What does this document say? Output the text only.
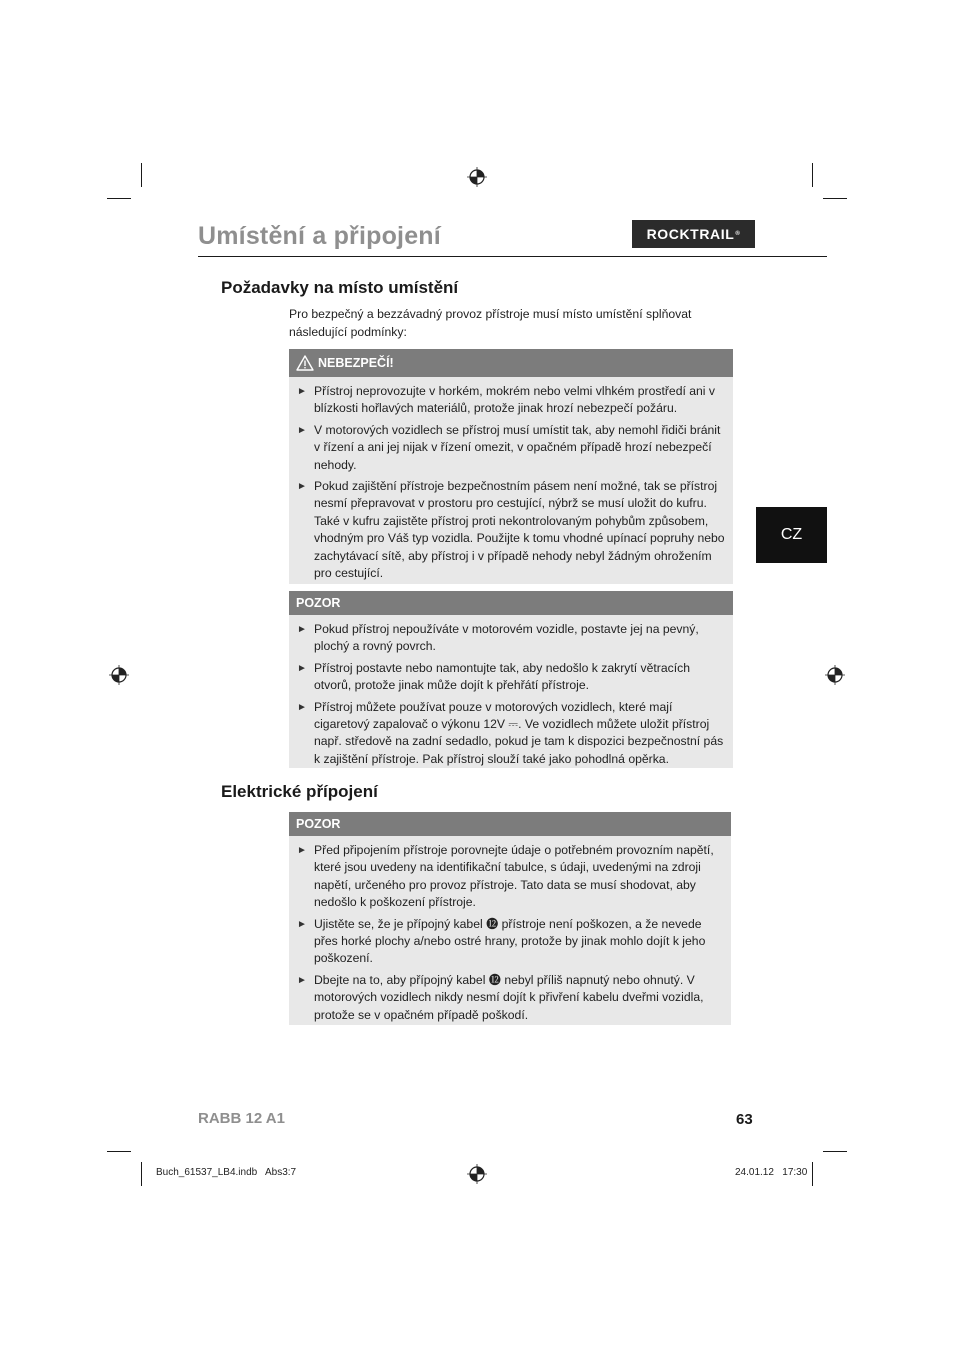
Umístění a připojení	ROCKTRAIL ®
CZ
Požadavky na místo umístění
Pro bezpečný a bezzávadný provoz přístroje musí místo umístění splňovat následující podmínky:
NEBEZPEČÍ!
► Přístroj neprovozujte v horkém, mokrém nebo velmi vlhkém prostředí ani v blízkosti hořlavých materiálů, protože jinak hrozí nebezpečí požáru.
► V motorových vozidlech se přístroj musí umístit tak, aby nemohl řidiči bránit v řízení a ani jej nijak v řízení omezit, v opačném případě hrozí nebezpečí nehody.
► Pokud zajištění přístroje bezpečnostním pásem není možné, tak se přístroj nesmí přepravovat v prostoru pro cestující, nýbrž se musí uložit do kufru. Také v kufru zajistěte přístroj proti nekontrolovaným pohybům způsobem, vhodným pro Váš typ vozidla. Použijte k tomu vhodné upínací popruhy nebo zachytávací sítě, aby přístroj i v případě nehody nebyl žádným ohrožením pro cestující.
POZOR
► Pokud přístroj nepoužíváte v motorovém vozidle, postavte jej na pevný, plochý a rovný povrch.
► Přístroj postavte nebo namontujte tak, aby nedošlo k zakrytí větracích otvorů, protože jinak může dojít k přehřátí přístroje.
► Přístroj můžete používat pouze v motorových vozidlech, které mají cigaretový zapalovač o výkonu 12V ⎓. Ve vozidlech můžete uložit přístroj např. středově na zadní sedadlo, pokud je tam k dispozici bezpečnostní pás k zajištění přístroje. Pak přístroj slouží také jako pohodlná opěrka.
Elektrické přípojení
POZOR
► Před připojením přístroje porovnejte údaje o potřebném provozním napětí, které jsou uvedeny na identifikační tabulce, s údaji, uvedenými na zdroji napětí, určeného pro provoz přístroje. Tato data se musí shodovat, aby nedošlo k poškození přístroje.
► Ujistěte se, že je přípojný kabel ⓬ přístroje není poškozen, a že nevede přes horké plochy a/nebo ostré hrany, protože by jinak mohlo dojít k jeho poškození.
► Dbejte na to, aby přípojný kabel ⓬ nebyl příliš napnutý nebo ohnutý. V motorových vozidlech nikdy nesmí dojít k přivření kabelu dveřmi vozidla, protože se v opačném případě poškodí.
RABB 12 A1	63
Buch_61537_LB4.indb   Abs3:7	24.01.12   17:30
